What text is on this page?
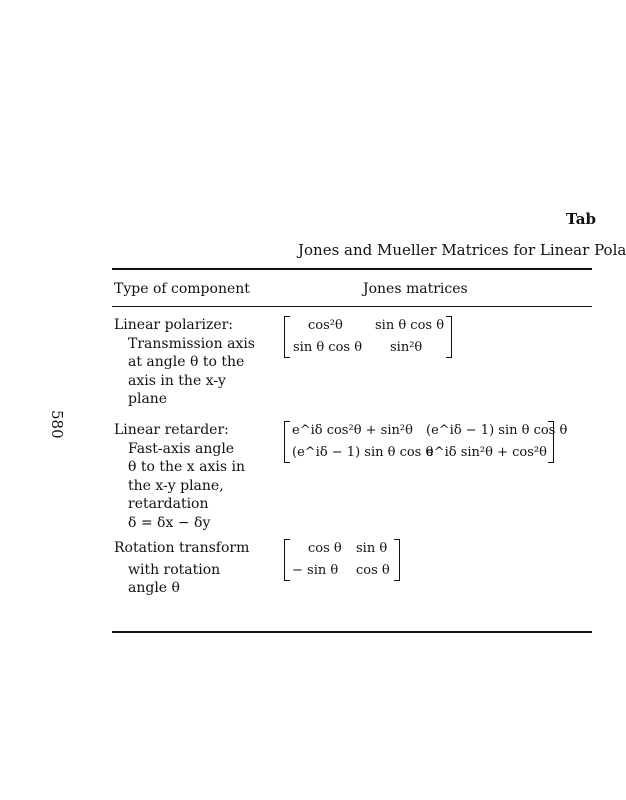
Tab
Jones and Mueller Matrices for Linear Pola
580
Type of component	Jones matrices
Linear polarizer:
Transmission axis
at angle θ to the
axis in the x-y
plane
cos²θ sin θ cos θ
sin θ cos θ sin²θ
Linear retarder:
Fast-axis angle
θ to the x axis in
the x-y plane,
retardation
δ = δx − δy
e^iδ cos²θ + sin²θ (e^iδ − 1) sin θ cos θ
(e^iδ − 1) sin θ cos θ
e^iδ sin²θ + cos²θ
Rotation transform
with rotation
angle θ
cos θ sin θ
− sin θ cos θ
